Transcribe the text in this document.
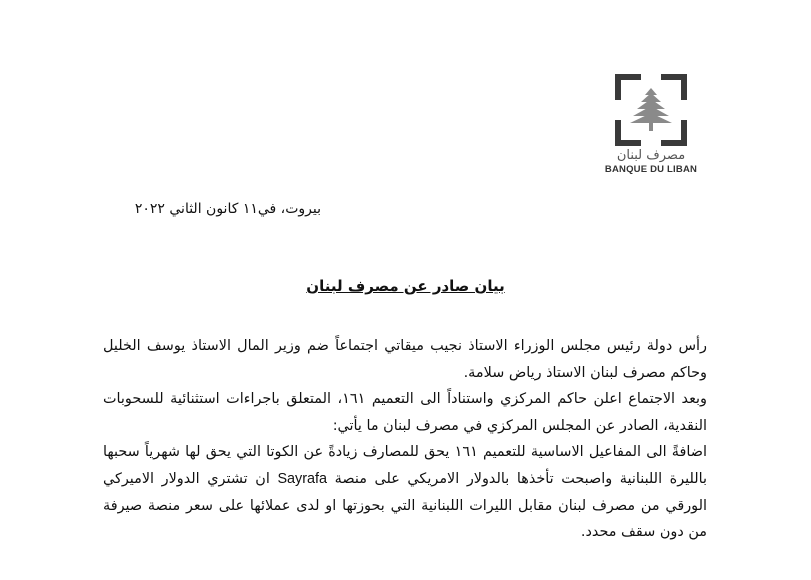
مصرف لبنان
BANQUE DU LIBAN
بيروت، في١١ كانون الثاني ٢٠٢٢
بيان صادر عن مصرف لبنان

رأس دولة رئيس مجلس الوزراء الاستاذ نجيب ميقاتي اجتماعاً ضم وزير المال الاستاذ يوسف الخليل وحاكم مصرف لبنان الاستاذ رياض سلامة.

وبعد الاجتماع اعلن حاكم المركزي واستناداً الى التعميم ١٦١، المتعلق باجراءات استثنائية للسحوبات النقدية، الصادر عن المجلس المركزي في مصرف لبنان ما يأتي:

اضافةً الى المفاعيل الاساسية للتعميم ١٦١ يحق للمصارف زيادةً عن الكوتا التي يحق لها شهرياً سحبها بالليرة اللبنانية واصبحت تأخذها بالدولار الامريكي على منصة Sayrafa ان تشتري الدولار الاميركي الورقي من مصرف لبنان مقابل الليرات اللبنانية التي بحوزتها او لدى عملائها على سعر منصة صيرفة من دون سقف محدد.
